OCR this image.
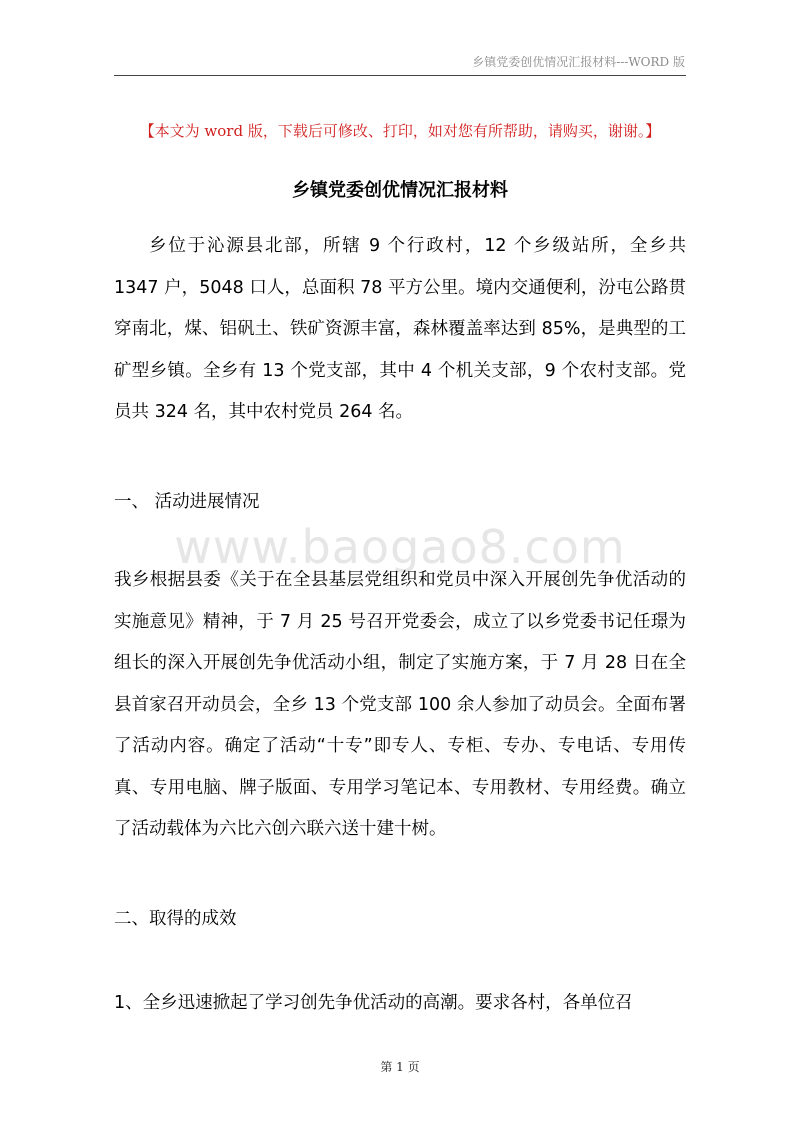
乡镇党委创优情况汇报材料---WORD 版
【本文为 word 版，下载后可修改、打印，如对您有所帮助，请购买，谢谢。】
乡镇党委创优情况汇报材料

乡位于沁源县北部，所辖 9 个行政村，12 个乡级站所，全乡共 1347 户，5048 口人，总面积 78 平方公里。境内交通便利，汾屯公路贯穿南北，煤、铝矾土、铁矿资源丰富，森林覆盖率达到 85%，是典型的工矿型乡镇。全乡有 13 个党支部，其中 4 个机关支部，9 个农村支部。党员共 324 名，其中农村党员 264 名。

一、 活动进展情况
www.baogao8.com

我乡根据县委《关于在全县基层党组织和党员中深入开展创先争优活动的实施意见》精神，于 7 月 25 号召开党委会，成立了以乡党委书记任璟为组长的深入开展创先争优活动小组，制定了实施方案，于 7 月 28 日在全县首家召开动员会，全乡 13 个党支部 100 余人参加了动员会。全面布署了活动内容。确定了活动“十专”即专人、专柜、专办、专电话、专用传真、专用电脑、牌子版面、专用学习笔记本、专用教材、专用经费。确立了活动载体为六比六创六联六送十建十树。

二、取得的成效

1、全乡迅速掀起了学习创先争优活动的高潮。要求各村，各单位召

第 1 页
